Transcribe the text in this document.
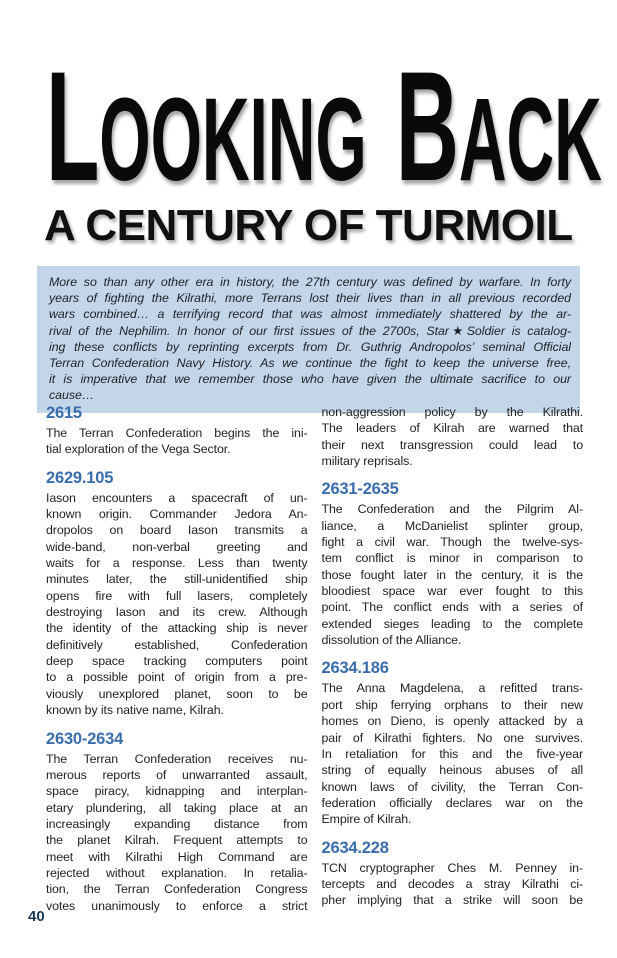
LOOKING BACK
A CENTURY OF TURMOIL
More so than any other era in history, the 27th century was defined by warfare. In forty
years of fighting the Kilrathi, more Terrans lost their lives than in all previous recorded
wars combined… a terrifying record that was almost immediately shattered by the ar-
rival of the Nephilim. In honor of our first issues of the 2700s, Star★Soldier is catalog-
ing these conflicts by reprinting excerpts from Dr. Guthrig Andropolos’ seminal Official
Terran Confederation Navy History. As we continue the fight to keep the universe free,
it is imperative that we remember those who have given the ultimate sacrifice to our
cause…
2615
The Terran Confederation begins the ini-
tial exploration of the Vega Sector.
2629.105
Iason encounters a spacecraft of un-
known origin. Commander Jedora An-
dropolos on board Iason transmits a
wide-band, non-verbal greeting and
waits for a response. Less than twenty
minutes later, the still-unidentified ship
opens fire with full lasers, completely
destroying Iason and its crew. Although
the identity of the attacking ship is never
definitively established, Confederation
deep space tracking computers point
to a possible point of origin from a pre-
viously unexplored planet, soon to be
known by its native name, Kilrah.
2630-2634
The Terran Confederation receives nu-
merous reports of unwarranted assault,
space piracy, kidnapping and interplan-
etary plundering, all taking place at an
increasingly expanding distance from
the planet Kilrah. Frequent attempts to
meet with Kilrathi High Command are
rejected without explanation. In retalia-
tion, the Terran Confederation Congress
votes unanimously to enforce a strict
non-aggression policy by the Kilrathi.
The leaders of Kilrah are warned that
their next transgression could lead to
military reprisals.
2631-2635
The Confederation and the Pilgrim Al-
liance, a McDanielist splinter group,
fight a civil war. Though the twelve-sys-
tem conflict is minor in comparison to
those fought later in the century, it is the
bloodiest space war ever fought to this
point. The conflict ends with a series of
extended sieges leading to the complete
dissolution of the Alliance.
2634.186
The Anna Magdelena, a refitted trans-
port ship ferrying orphans to their new
homes on Dieno, is openly attacked by a
pair of Kilrathi fighters. No one survives.
In retaliation for this and the five-year
string of equally heinous abuses of all
known laws of civility, the Terran Con-
federation officially declares war on the
Empire of Kilrah.
2634.228
TCN cryptographer Ches M. Penney in-
tercepts and decodes a stray Kilrathi ci-
pher implying that a strike will soon be
40
